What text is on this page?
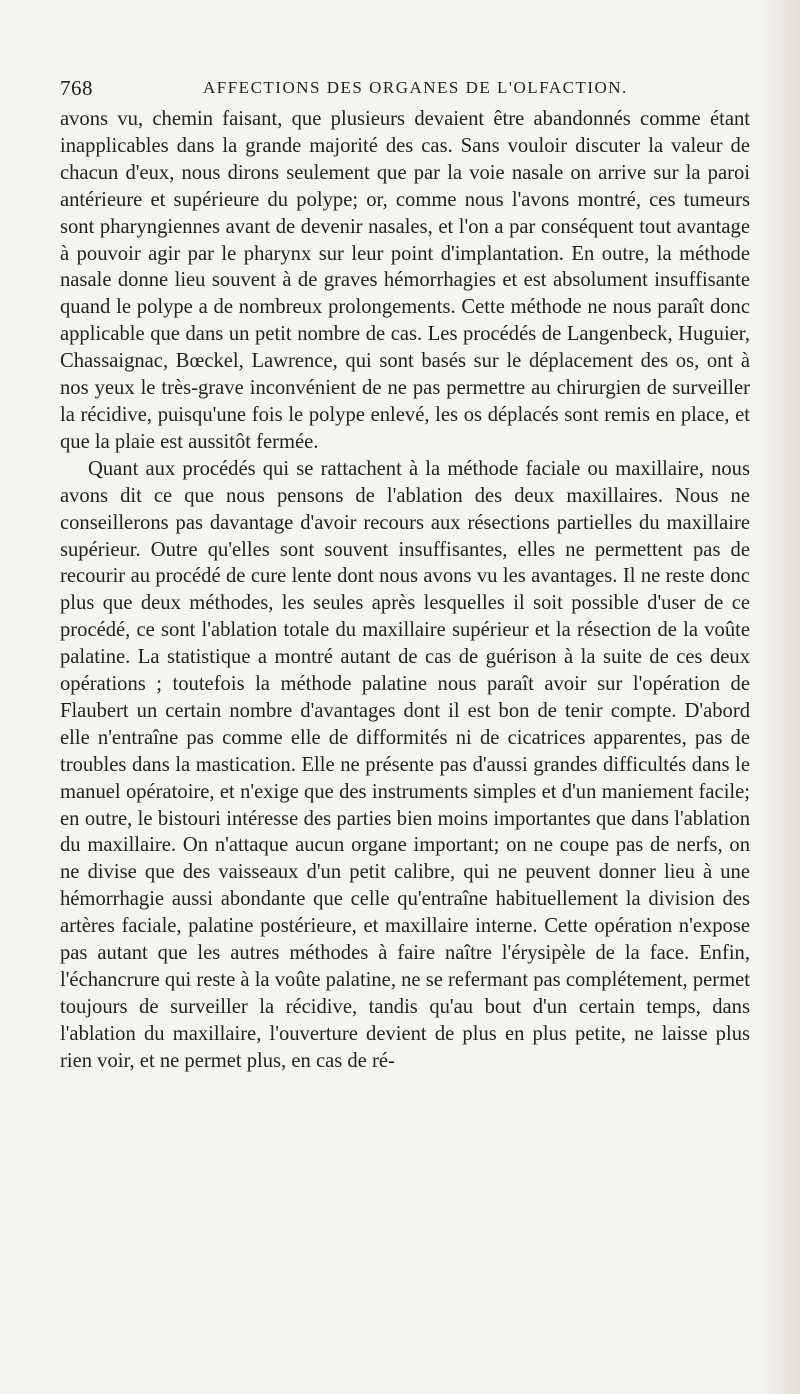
768	AFFECTIONS DES ORGANES DE L'OLFACTION.

avons vu, chemin faisant, que plusieurs devaient être abandonnés comme étant inapplicables dans la grande majorité des cas. Sans vouloir discuter la valeur de chacun d'eux, nous dirons seulement que par la voie nasale on arrive sur la paroi antérieure et supérieure du polype; or, comme nous l'avons montré, ces tumeurs sont pharyngiennes avant de devenir nasales, et l'on a par conséquent tout avantage à pouvoir agir par le pharynx sur leur point d'implantation. En outre, la méthode nasale donne lieu souvent à de graves hémorrhagies et est absolument insuffisante quand le polype a de nombreux prolongements. Cette méthode ne nous paraît donc applicable que dans un petit nombre de cas. Les procédés de Langenbeck, Huguier, Chassaignac, Bœckel, Lawrence, qui sont basés sur le déplacement des os, ont à nos yeux le très-grave inconvénient de ne pas permettre au chirurgien de surveiller la récidive, puisqu'une fois le polype enlevé, les os déplacés sont remis en place, et que la plaie est aussitôt fermée.

Quant aux procédés qui se rattachent à la méthode faciale ou maxillaire, nous avons dit ce que nous pensons de l'ablation des deux maxillaires. Nous ne conseillerons pas davantage d'avoir recours aux résections partielles du maxillaire supérieur. Outre qu'elles sont souvent insuffisantes, elles ne permettent pas de recourir au procédé de cure lente dont nous avons vu les avantages. Il ne reste donc plus que deux méthodes, les seules après lesquelles il soit possible d'user de ce procédé, ce sont l'ablation totale du maxillaire supérieur et la résection de la voûte palatine. La statistique a montré autant de cas de guérison à la suite de ces deux opérations ; toutefois la méthode palatine nous paraît avoir sur l'opération de Flaubert un certain nombre d'avantages dont il est bon de tenir compte. D'abord elle n'entraîne pas comme elle de difformités ni de cicatrices apparentes, pas de troubles dans la mastication. Elle ne présente pas d'aussi grandes difficultés dans le manuel opératoire, et n'exige que des instruments simples et d'un maniement facile; en outre, le bistouri intéresse des parties bien moins importantes que dans l'ablation du maxillaire. On n'attaque aucun organe important; on ne coupe pas de nerfs, on ne divise que des vaisseaux d'un petit calibre, qui ne peuvent donner lieu à une hémorrhagie aussi abondante que celle qu'entraîne habituellement la division des artères faciale, palatine postérieure, et maxillaire interne. Cette opération n'expose pas autant que les autres méthodes à faire naître l'érysipèle de la face. Enfin, l'échancrure qui reste à la voûte palatine, ne se refermant pas complétement, permet toujours de surveiller la récidive, tandis qu'au bout d'un certain temps, dans l'ablation du maxillaire, l'ouverture devient de plus en plus petite, ne laisse plus rien voir, et ne permet plus, en cas de ré-
